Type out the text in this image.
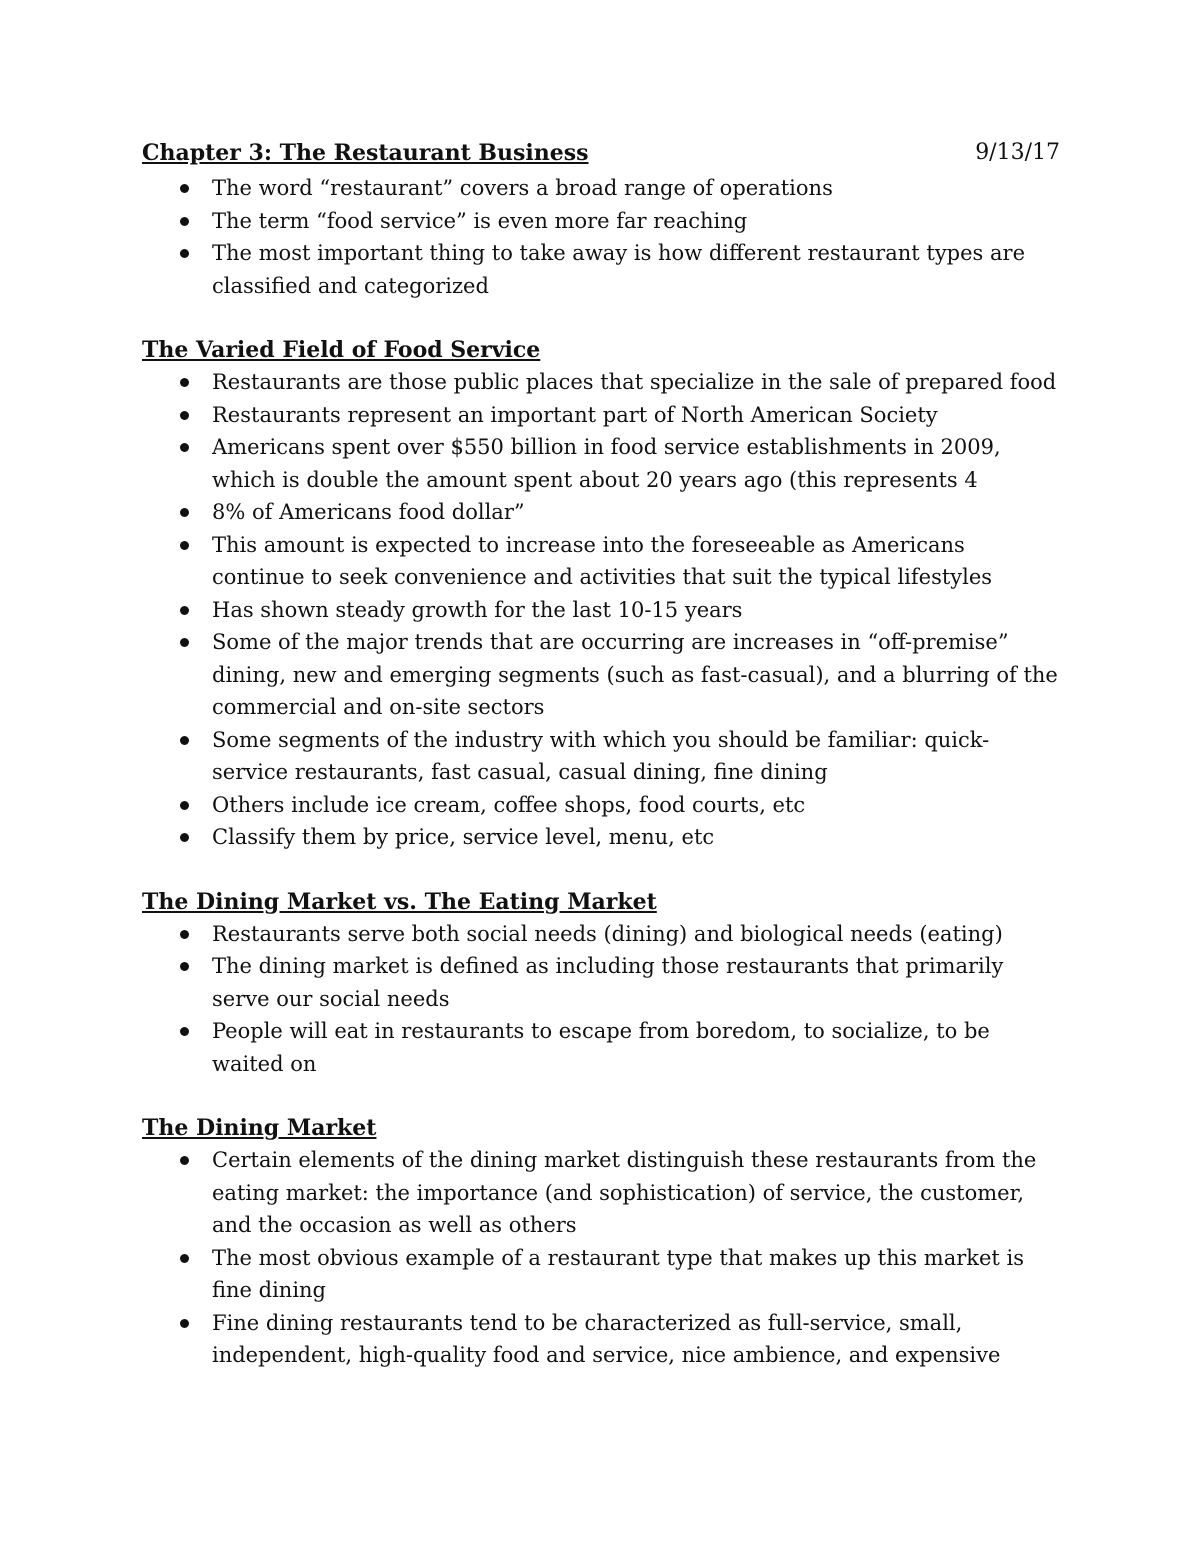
Chapter 3: The Restaurant Business	9/13/17
The word “restaurant” covers a broad range of operations
The term “food service” is even more far reaching
The most important thing to take away is how different restaurant types are classified and categorized
The Varied Field of Food Service
Restaurants are those public places that specialize in the sale of prepared food
Restaurants represent an important part of North American Society
Americans spent over $550 billion in food service establishments in 2009, which is double the amount spent about 20 years ago (this represents 4
8% of Americans food dollar”
This amount is expected to increase into the foreseeable as Americans continue to seek convenience and activities that suit the typical lifestyles
Has shown steady growth for the last 10-15 years
Some of the major trends that are occurring are increases in “off-premise” dining, new and emerging segments (such as fast-casual), and a blurring of the commercial and on-site sectors
Some segments of the industry with which you should be familiar: quick-service restaurants, fast casual, casual dining, fine dining
Others include ice cream, coffee shops, food courts, etc
Classify them by price, service level, menu, etc
The Dining Market vs. The Eating Market
Restaurants serve both social needs (dining) and biological needs (eating)
The dining market is defined as including those restaurants that primarily serve our social needs
People will eat in restaurants to escape from boredom, to socialize, to be waited on
The Dining Market
Certain elements of the dining market distinguish these restaurants from the eating market: the importance (and sophistication) of service, the customer, and the occasion as well as others
The most obvious example of a restaurant type that makes up this market is fine dining
Fine dining restaurants tend to be characterized as full-service, small, independent, high-quality food and service, nice ambience, and expensive
